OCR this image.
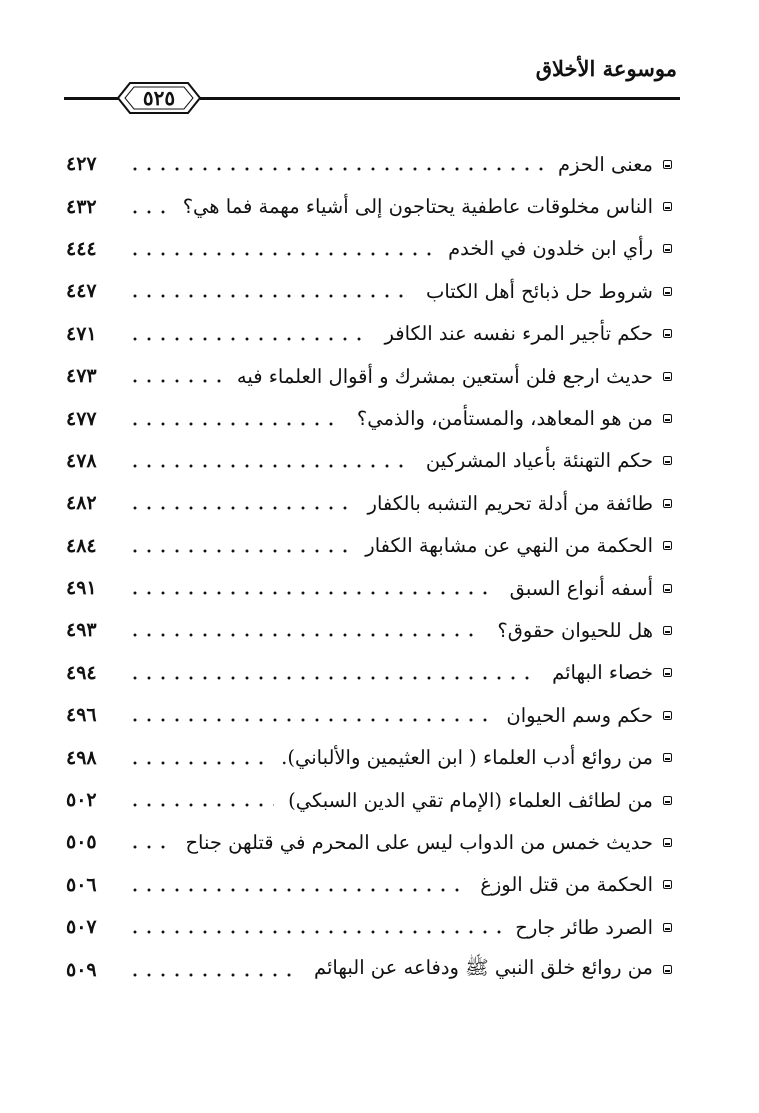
موسوعة الأخلاق
٥٢٥
معنى الحزم
٤٢٧
الناس مخلوقات عاطفية يحتاجون إلى أشياء مهمة فما هي؟
٤٣٢
رأي ابن خلدون في الخدم
٤٤٤
شروط حل ذبائح أهل الكتاب
٤٤٧
حكم تأجير المرء نفسه عند الكافر
٤٧١
حديث ارجع فلن أستعين بمشرك و أقوال العلماء فيه
٤٧٣
من هو المعاهد، والمستأمن، والذمي؟
٤٧٧
حكم التهنئة بأعياد المشركين
٤٧٨
طائفة من أدلة تحريم التشبه بالكفار
٤٨٢
الحكمة من النهي عن مشابهة الكفار
٤٨٤
أسفه أنواع السبق
٤٩١
هل للحيوان حقوق؟
٤٩٣
خصاء البهائم
٤٩٤
حكم وسم الحيوان
٤٩٦
من روائع أدب العلماء ( ابن العثيمين والألباني).
٤٩٨
من لطائف العلماء (الإمام تقي الدين السبكي)
٥٠٢
حديث خمس من الدواب ليس على المحرم في قتلهن جناح
٥٠٥
الحكمة من قتل الوزغ
٥٠٦
الصرد طائر جارح
٥٠٧
من روائع خلق النبي ﷺ ودفاعه عن البهائم
٥٠٩
